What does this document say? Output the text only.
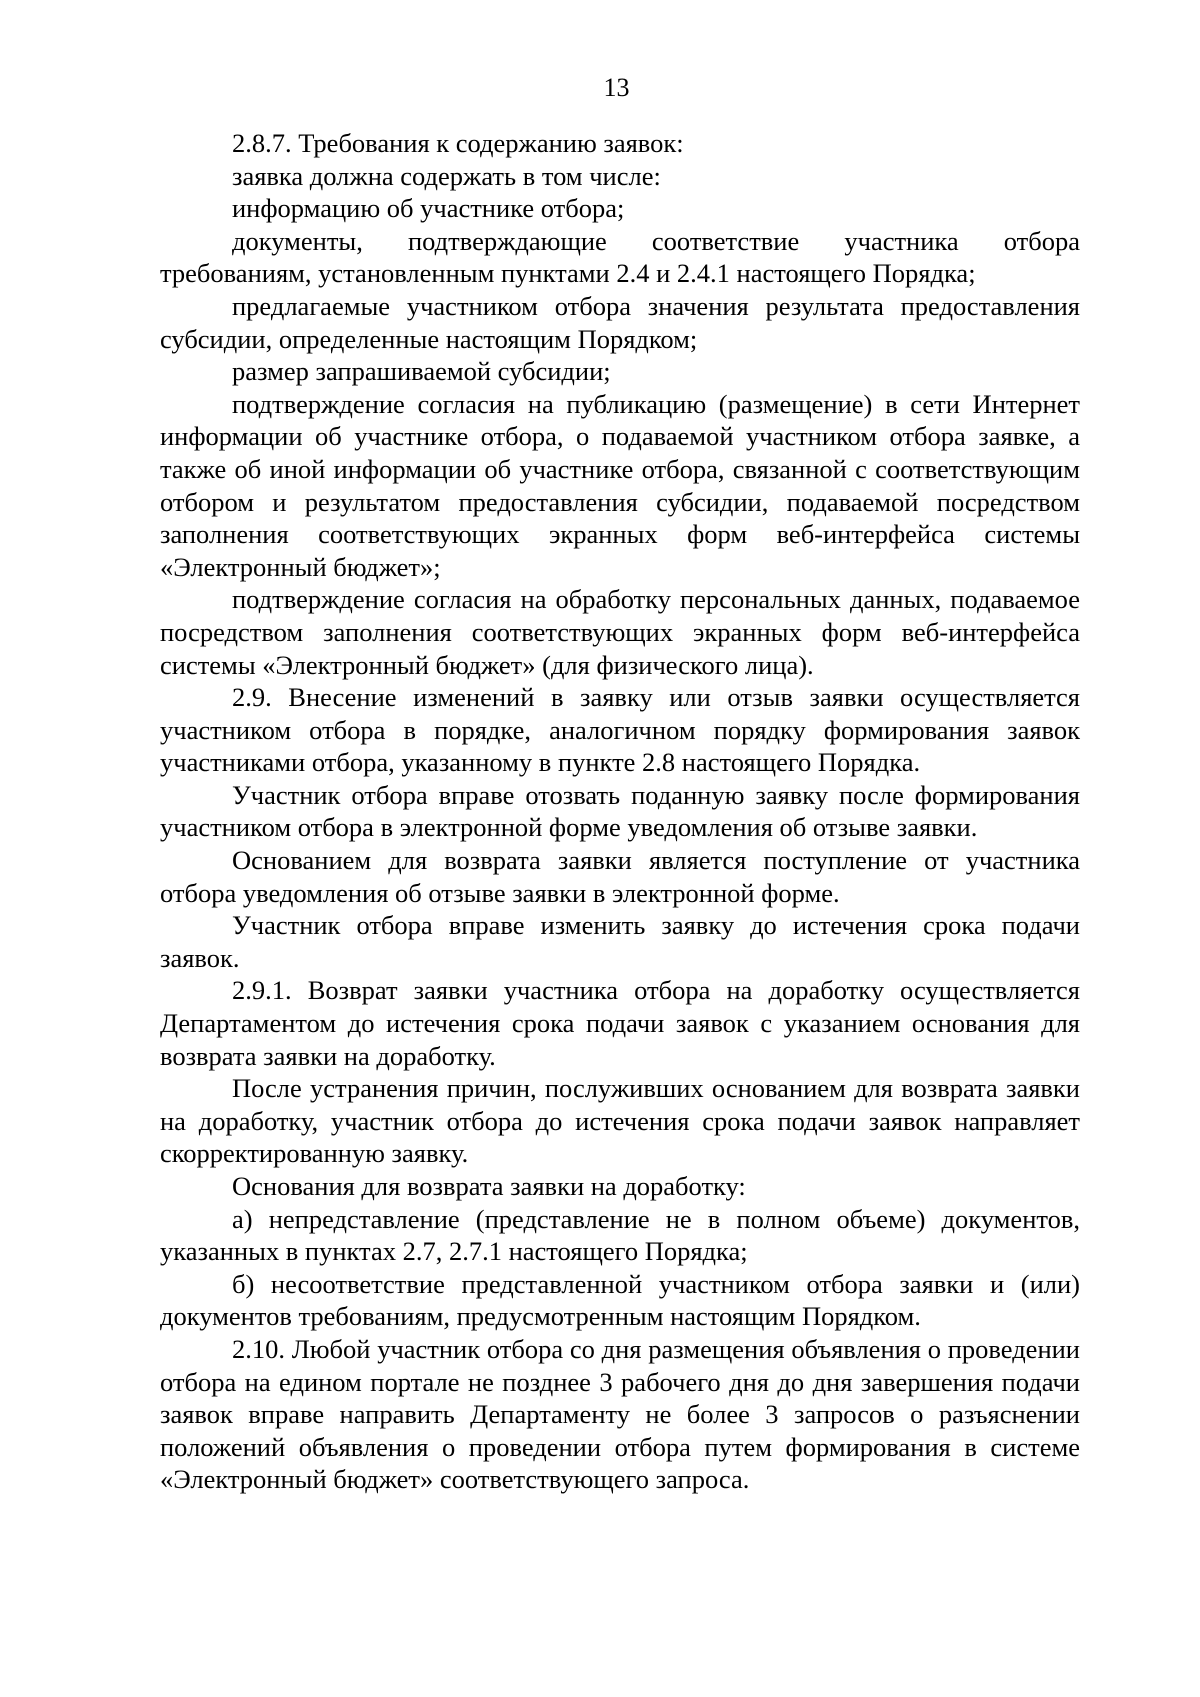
13

2.8.7. Требования к содержанию заявок:

заявка должна содержать в том числе:

информацию об участнике отбора;

документы, подтверждающие соответствие участника отбора требованиям, установленным пунктами 2.4 и 2.4.1 настоящего Порядка;

предлагаемые участником отбора значения результата предоставления субсидии, определенные настоящим Порядком;

размер запрашиваемой субсидии;

подтверждение согласия на публикацию (размещение) в сети Интернет информации об участнике отбора, о подаваемой участником отбора заявке, а также об иной информации об участнике отбора, связанной с соответствующим отбором и результатом предоставления субсидии, подаваемой посредством заполнения соответствующих экранных форм веб-интерфейса системы «Электронный бюджет»;

подтверждение согласия на обработку персональных данных, подаваемое посредством заполнения соответствующих экранных форм веб-интерфейса системы «Электронный бюджет» (для физического лица).

2.9. Внесение изменений в заявку или отзыв заявки осуществляется участником отбора в порядке, аналогичном порядку формирования заявок участниками отбора, указанному в пункте 2.8 настоящего Порядка.

Участник отбора вправе отозвать поданную заявку после формирования участником отбора в электронной форме уведомления об отзыве заявки.

Основанием для возврата заявки является поступление от участника отбора уведомления об отзыве заявки в электронной форме.

Участник отбора вправе изменить заявку до истечения срока подачи заявок.

2.9.1. Возврат заявки участника отбора на доработку осуществляется Департаментом до истечения срока подачи заявок с указанием основания для возврата заявки на доработку.

После устранения причин, послуживших основанием для возврата заявки на доработку, участник отбора до истечения срока подачи заявок направляет скорректированную заявку.

Основания для возврата заявки на доработку:

а) непредставление (представление не в полном объеме) документов, указанных в пунктах 2.7, 2.7.1 настоящего Порядка;

б) несоответствие представленной участником отбора заявки и (или) документов требованиям, предусмотренным настоящим Порядком.

2.10. Любой участник отбора со дня размещения объявления о проведении отбора на едином портале не позднее 3 рабочего дня до дня завершения подачи заявок вправе направить Департаменту не более 3 запросов о разъяснении положений объявления о проведении отбора путем формирования в системе «Электронный бюджет» соответствующего запроса.
